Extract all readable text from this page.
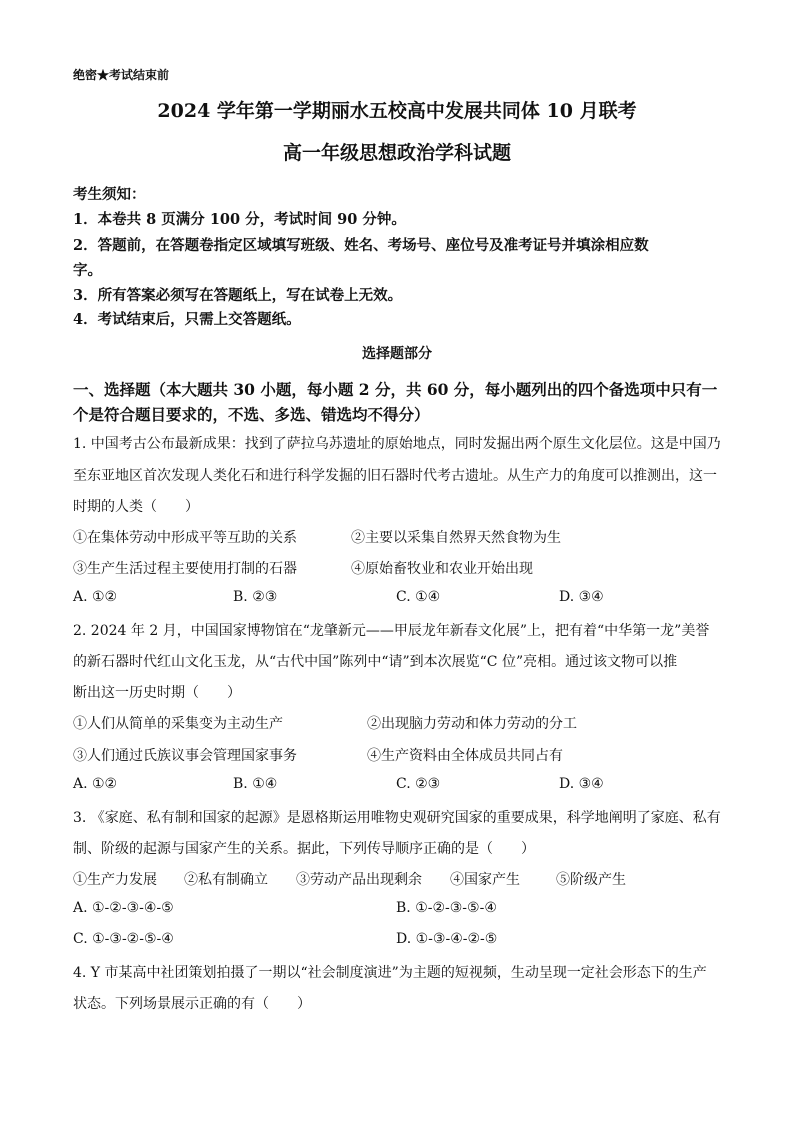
绝密★考试结束前
2024 学年第一学期丽水五校高中发展共同体 10 月联考
高一年级思想政治学科试题
考生须知：
1．本卷共 8 页满分 100 分，考试时间 90 分钟。
2．答题前，在答题卷指定区域填写班级、姓名、考场号、座位号及准考证号并填涂相应数
字。
3．所有答案必须写在答题纸上，写在试卷上无效。
4．考试结束后，只需上交答题纸。
选择题部分
一、选择题（本大题共 30 小题，每小题 2 分，共 60 分，每小题列出的四个备选项中只有一
个是符合题目要求的，不选、多选、错选均不得分）
1. 中国考古公布最新成果：找到了萨拉乌苏遗址的原始地点，同时发掘出两个原生文化层位。这是中国乃
至东亚地区首次发现人类化石和进行科学发掘的旧石器时代考古遗址。从生产力的角度可以推测出，这一
时期的人类（　　）
①在集体劳动中形成平等互助的关系	②主要以采集自然界天然食物为生
③生产生活过程主要使用打制的石器	④原始畜牧业和农业开始出现
A. ①②	B. ②③	C. ①④	D. ③④
2. 2024 年 2 月，中国国家博物馆在“龙肇新元——甲辰龙年新春文化展”上，把有着“中华第一龙”美誉
的新石器时代红山文化玉龙，从“古代中国”陈列中“请”到本次展览“C 位”亮相。通过该文物可以推
断出这一历史时期（　　）
①人们从简单的采集变为主动生产	②出现脑力劳动和体力劳动的分工
③人们通过氏族议事会管理国家事务	④生产资料由全体成员共同占有
A. ①②	B. ①④	C. ②③	D. ③④
3. 《家庭、私有制和国家的起源》是恩格斯运用唯物史观研究国家的重要成果，科学地阐明了家庭、私有
制、阶级的起源与国家产生的关系。据此，下列传导顺序正确的是（　　）
①生产力发展 ②私有制确立 ③劳动产品出现剩余 ④国家产生	⑤阶级产生
A. ①-②-③-④-⑤	B. ①-②-③-⑤-④
C. ①-③-②-⑤-④	D. ①-③-④-②-⑤
4. Y 市某高中社团策划拍摄了一期以“社会制度演进”为主题的短视频，生动呈现一定社会形态下的生产
状态。下列场景展示正确的有（　　）
